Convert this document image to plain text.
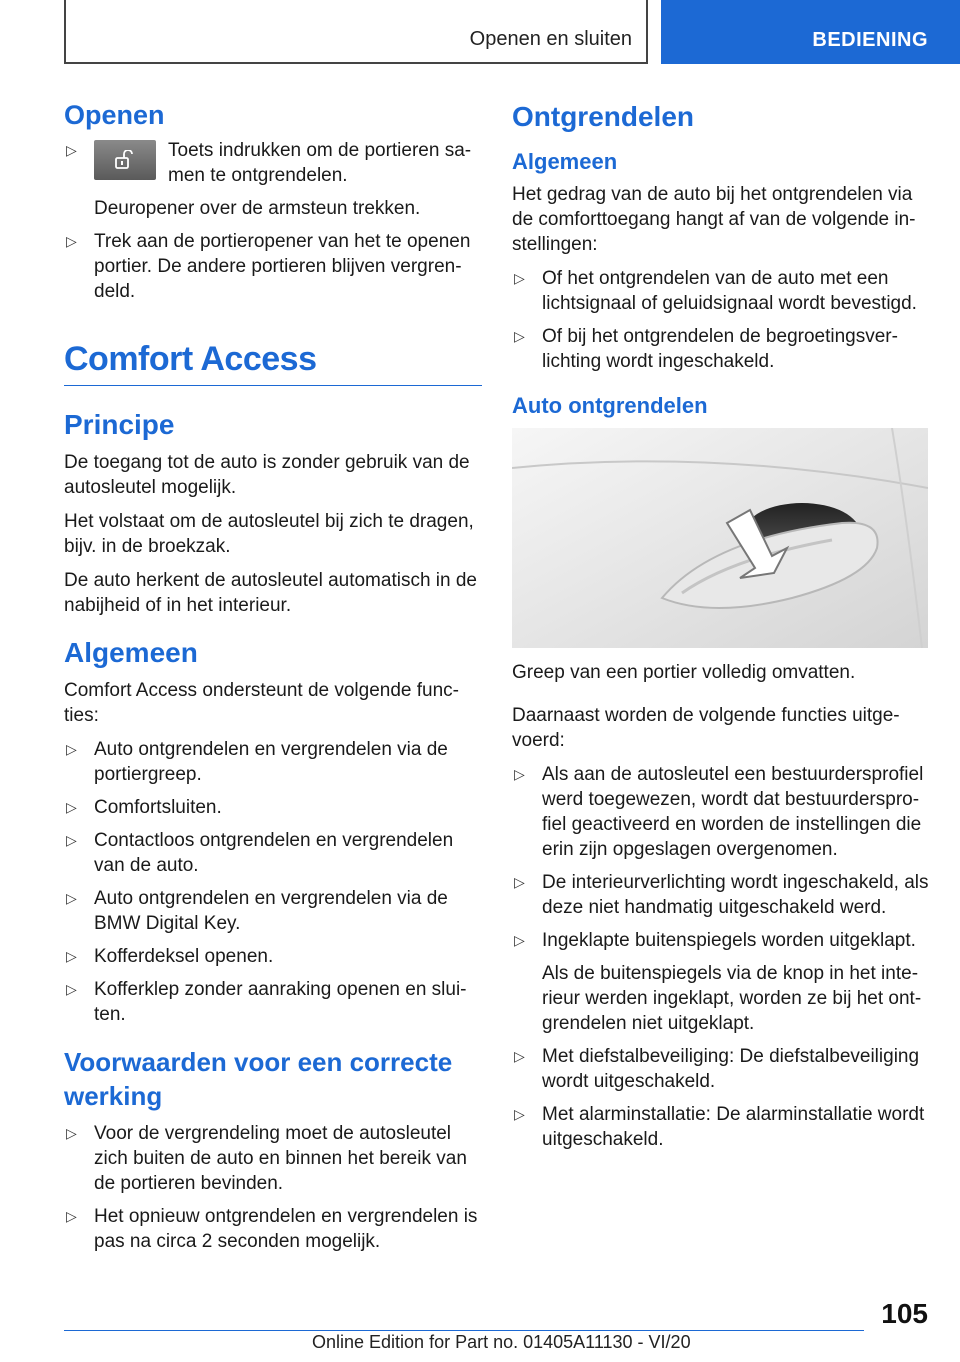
Openen en sluiten	BEDIENING
Openen
▷	Toets indrukken om de portieren sa-men te ontgrendelen.
Deuropener over de armsteun trekken.
▷ Trek aan de portieropener van het te openen portier. De andere portieren blijven vergren-deld.
Comfort Access
Principe

De toegang tot de auto is zonder gebruik van de autosleutel mogelijk.

Het volstaat om de autosleutel bij zich te dragen, bijv. in de broekzak.

De auto herkent de autosleutel automatisch in de nabijheid of in het interieur.

Algemeen

Comfort Access ondersteunt de volgende func-ties:

▷ Auto ontgrendelen en vergrendelen via de portiergreep.
▷ Comfortsluiten.
▷ Contactloos ontgrendelen en vergrendelen van de auto.
▷ Auto ontgrendelen en vergrendelen via de BMW Digital Key.
▷ Kofferdeksel openen.
▷ Kofferklep zonder aanraking openen en slui-ten.
Voorwaarden voor een correcte werking
▷ Voor de vergrendeling moet de autosleutel zich buiten de auto en binnen het bereik van de portieren bevinden.
▷ Het opnieuw ontgrendelen en vergrendelen is pas na circa 2 seconden mogelijk.
Ontgrendelen
Algemeen

Het gedrag van de auto bij het ontgrendelen via de comforttoegang hangt af van de volgende in-stellingen:

▷ Of het ontgrendelen van de auto met een lichtsignaal of geluidsignaal wordt bevestigd.
▷ Of bij het ontgrendelen de begroetingsver-lichting wordt ingeschakeld.
Auto ontgrendelen

Greep van een portier volledig omvatten.

Daarnaast worden de volgende functies uitge-voerd:

▷ Als aan de autosleutel een bestuurdersprofiel werd toegewezen, wordt dat bestuurderspro-fiel geactiveerd en worden de instellingen die erin zijn opgeslagen overgenomen.
▷ De interieurverlichting wordt ingeschakeld, als deze niet handmatig uitgeschakeld werd.
▷ Ingeklapte buitenspiegels worden uitgeklapt.
Als de buitenspiegels via de knop in het inte-rieur werden ingeklapt, worden ze bij het ont-grendelen niet uitgeklapt.
▷ Met diefstalbeveiliging: De diefstalbeveiliging wordt uitgeschakeld.
▷ Met alarminstallatie: De alarminstallatie wordt uitgeschakeld.
105
Online Edition for Part no. 01405A11130 - VI/20
